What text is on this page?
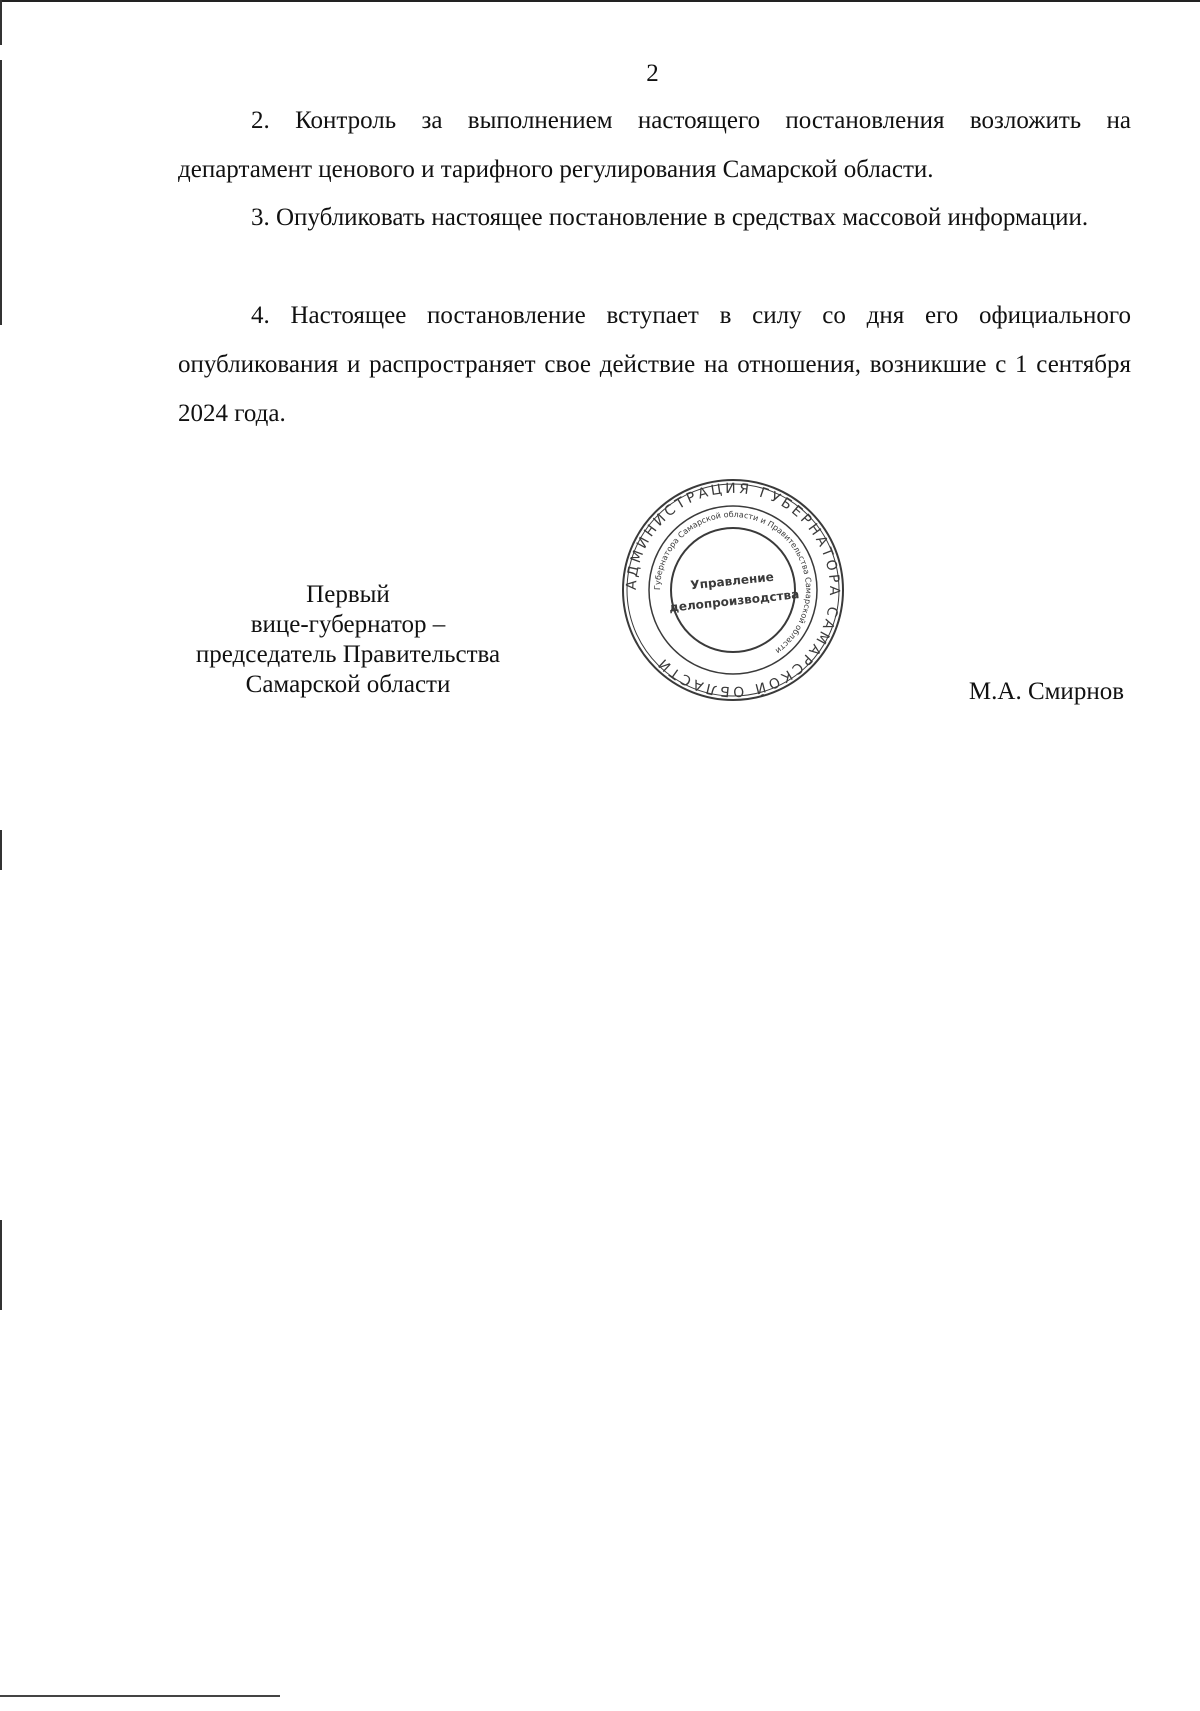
2
2. Контроль за выполнением настоящего постановления возложить на департамент ценового и тарифного регулирования Самарской области.
3. Опубликовать настоящее постановление в средствах массовой информации.
4. Настоящее постановление вступает в силу со дня его официального опубликования и распространяет свое действие на отношения, возникшие с 1 сентября 2024 года.
Первый
вице-губернатор –
председатель Правительства
Самарской области
АДМИНИСТРАЦИЯ ГУБЕРНАТОРА САМАРСКОЙ ОБЛАСТИ
Губернатора Самарской области и Правительства Самарской области
Управление
делопроизводства
М.А. Смирнов
